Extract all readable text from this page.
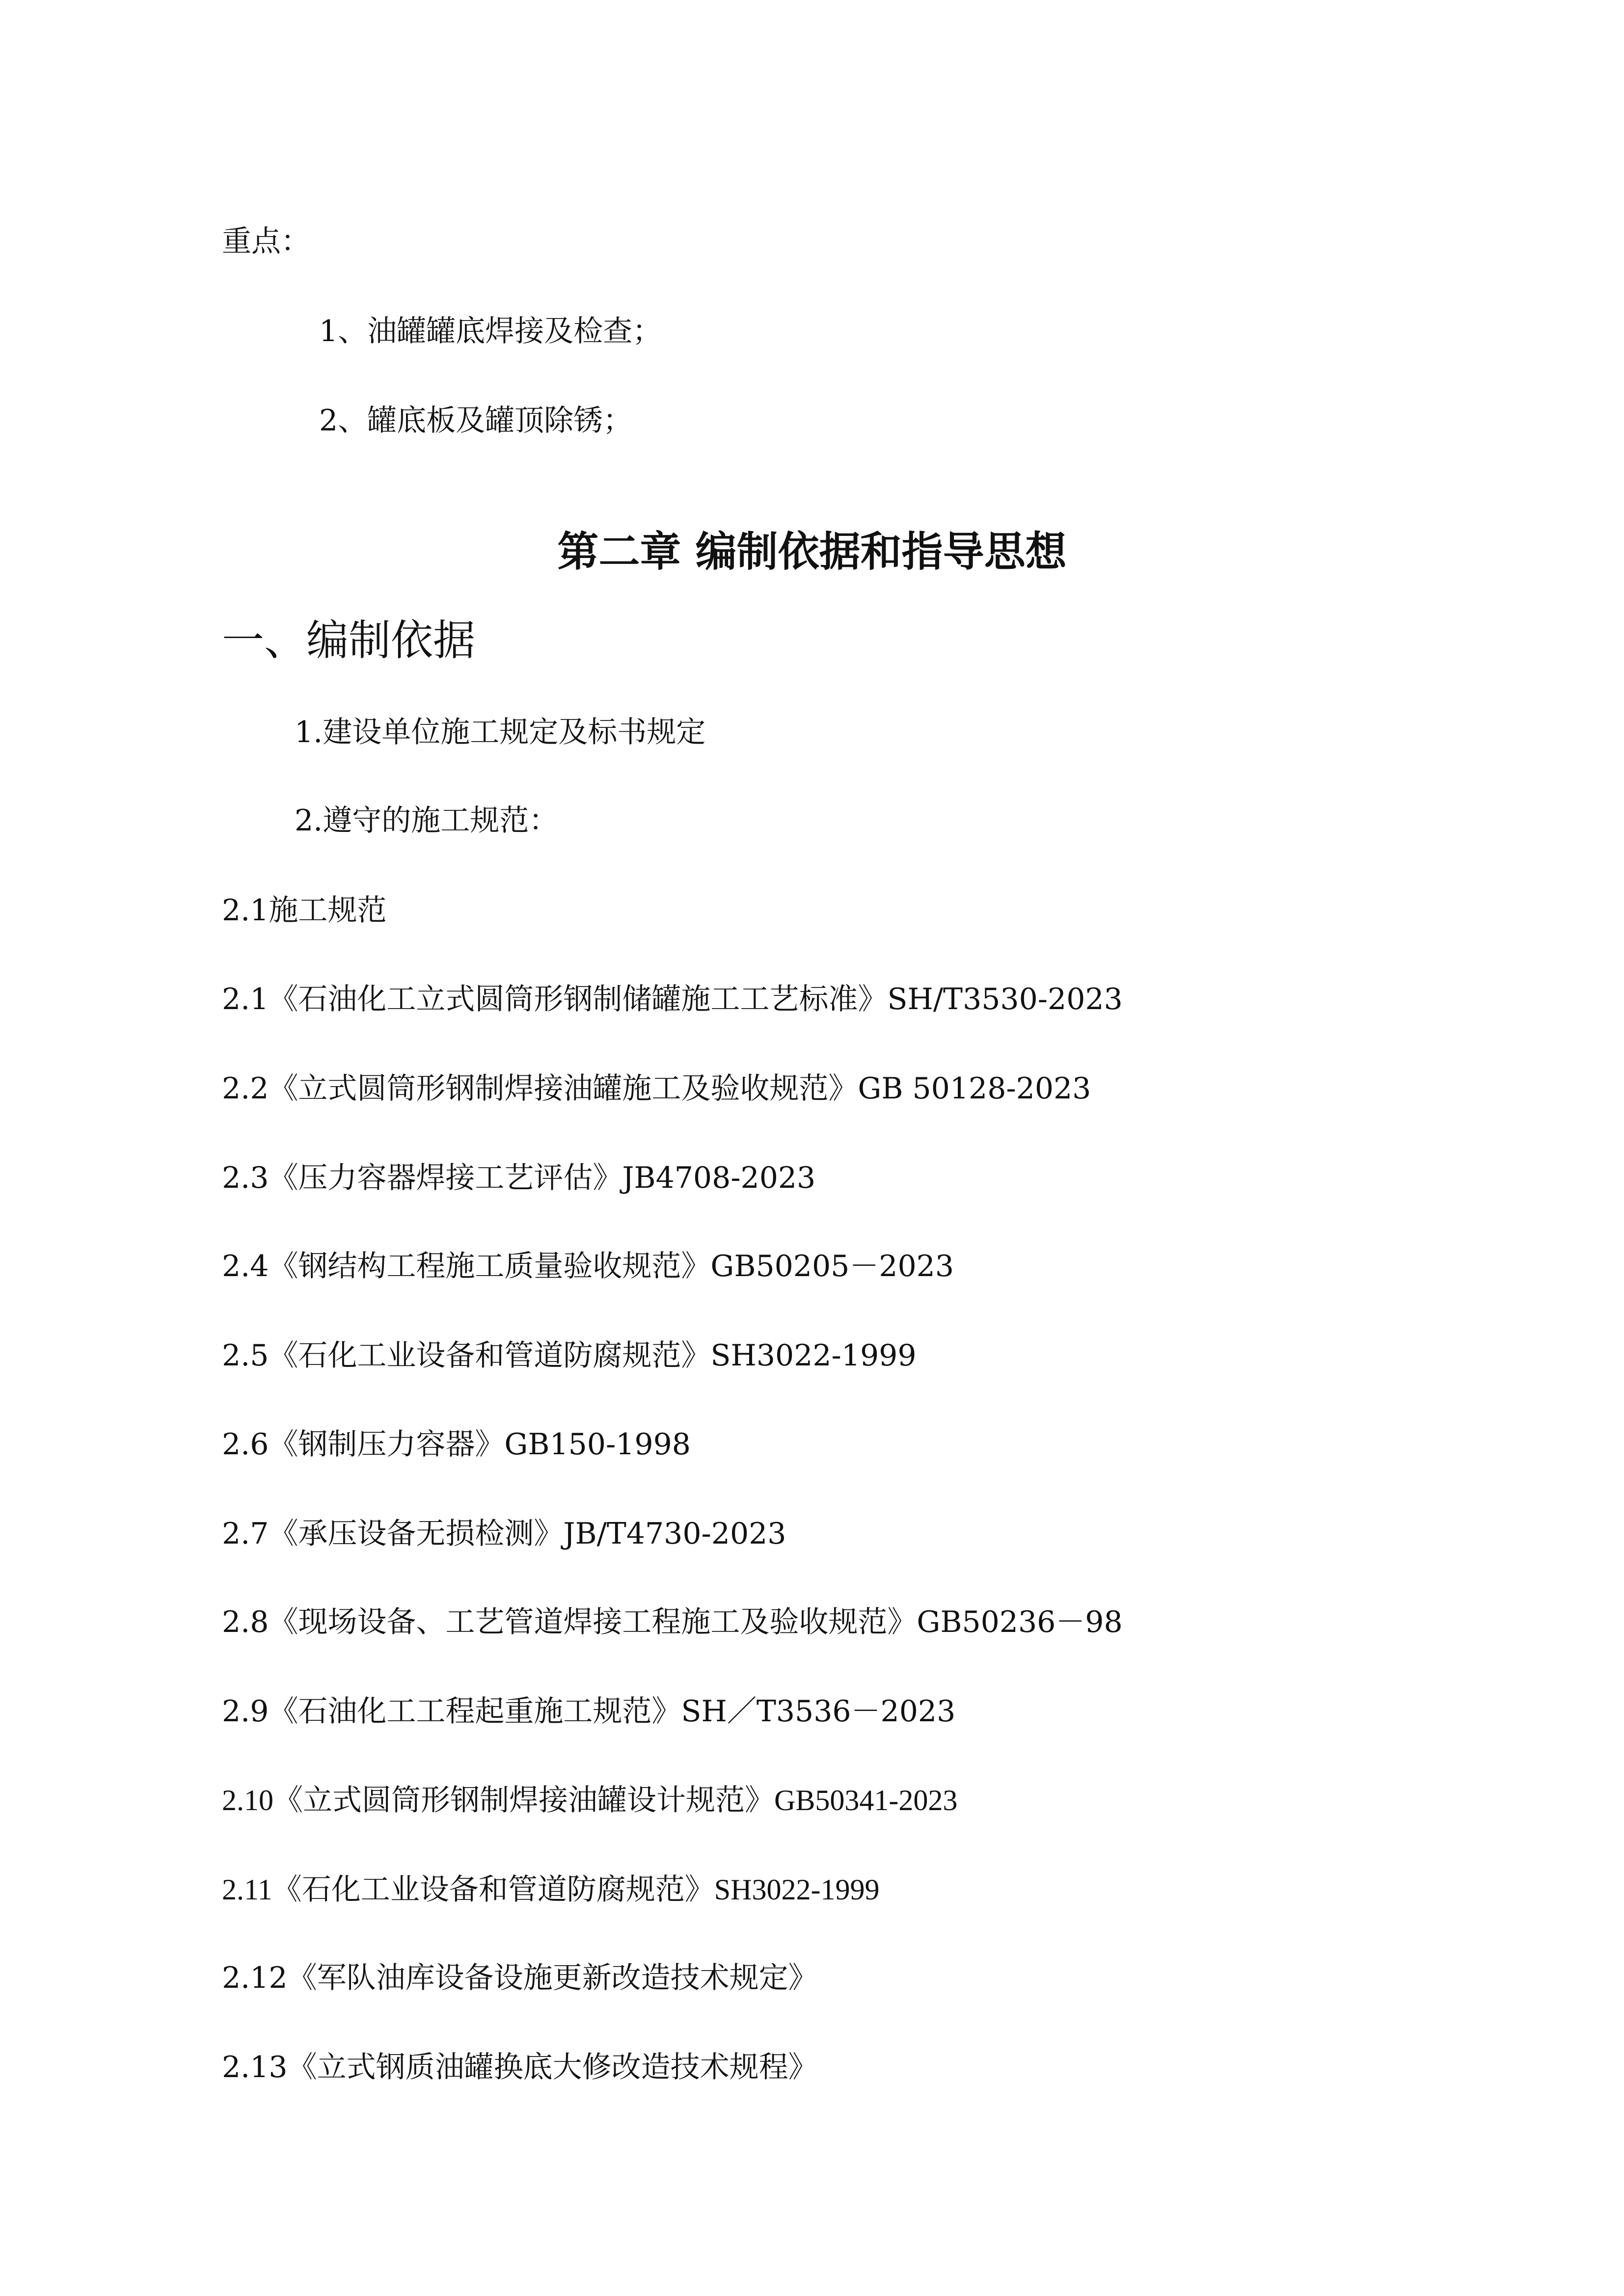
重点：
1、油罐罐底焊接及检查；
2、罐底板及罐顶除锈；
第二章 编制依据和指导思想
一、编制依据
1.建设单位施工规定及标书规定
2.遵守的施工规范：
2.1施工规范
2.1《石油化工立式圆筒形钢制储罐施工工艺标准》SH/T3530-2023
2.2《立式圆筒形钢制焊接油罐施工及验收规范》GB 50128-2023
2.3《压力容器焊接工艺评估》JB4708-2023
2.4《钢结构工程施工质量验收规范》GB50205－2023
2.5《石化工业设备和管道防腐规范》SH3022-1999
2.6《钢制压力容器》GB150-1998
2.7《承压设备无损检测》JB/T4730-2023
2.8《现场设备、工艺管道焊接工程施工及验收规范》GB50236－98
2.9《石油化工工程起重施工规范》SH／T3536－2023
2.10《立式圆筒形钢制焊接油罐设计规范》GB50341-2023
2.11《石化工业设备和管道防腐规范》SH3022-1999
2.12《军队油库设备设施更新改造技术规定》
2.13《立式钢质油罐换底大修改造技术规程》
